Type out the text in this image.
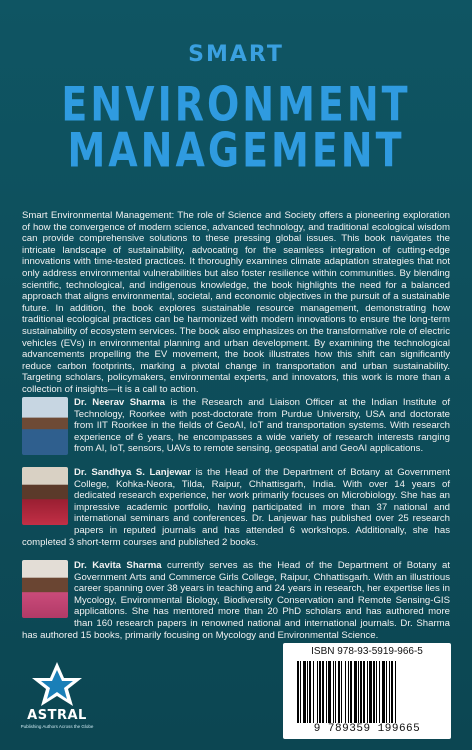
SMART
ENVIRONMENT
MANAGEMENT

Smart Environmental Management: The role of Science and Society offers a pioneering exploration of how the convergence of modern science, advanced technology, and traditional ecological wisdom can provide comprehensive solutions to these pressing global issues. This book navigates the intricate landscape of sustainability, advocating for the seamless integration of cutting-edge innovations with time-tested practices. It thoroughly examines climate adaptation strategies that not only address environmental vulnerabilities but also foster resilience within communities. By blending scientific, technological, and indigenous knowledge, the book highlights the need for a balanced approach that aligns environmental, societal, and economic objectives in the pursuit of a sustainable future. In addition, the book explores sustainable resource management, demonstrating how traditional ecological practices can be harmonized with modern innovations to ensure the long-term sustainability of ecosystem services. The book also emphasizes on the transformative role of electric vehicles (EVs) in environmental planning and urban development. By examining the technological advancements propelling the EV movement, the book illustrates how this shift can significantly reduce carbon footprints, marking a pivotal change in transportation and urban sustainability. Targeting scholars, policymakers, environmental experts, and innovators, this work is more than a collection of insights—it is a call to action.

Dr. Neerav Sharma is the Research and Liaison Officer at the Indian Institute of Technology, Roorkee with post-doctorate from Purdue University, USA and doctorate from IIT Roorkee in the fields of GeoAI, IoT and transportation systems. With research experience of 6 years, he encompasses a wide variety of research interests ranging from AI, IoT, sensors, UAVs to remote sensing, geospatial and GeoAI applications.
Dr. Sandhya S. Lanjewar is the Head of the Department of Botany at Government College, Kohka-Neora, Tilda, Raipur, Chhattisgarh, India. With over 14 years of dedicated research experience, her work primarily focuses on Microbiology. She has an impressive academic portfolio, having participated in more than 37 national and international seminars and conferences. Dr. Lanjewar has published over 25 research papers in reputed journals and has attended 6 workshops. Additionally, she has completed 3 short-term courses and published 2 books.
Dr. Kavita Sharma currently serves as the Head of the Department of Botany at Government Arts and Commerce Girls College, Raipur, Chhattisgarh. With an illustrious career spanning over 38 years in teaching and 24 years in research, her expertise lies in Mycology, Environmental Biology, Biodiversity Conservation and Remote Sensing-GIS applications. She has mentored more than 20 PhD scholars and has authored more than 160 research papers in renowned national and international journals. Dr. Sharma has authored 15 books, primarily focusing on Mycology and Environmental Science.
ASTRAL
Publishing Authors Across the Globe
ISBN 978-93-5919-966-5
9 789359 199665
